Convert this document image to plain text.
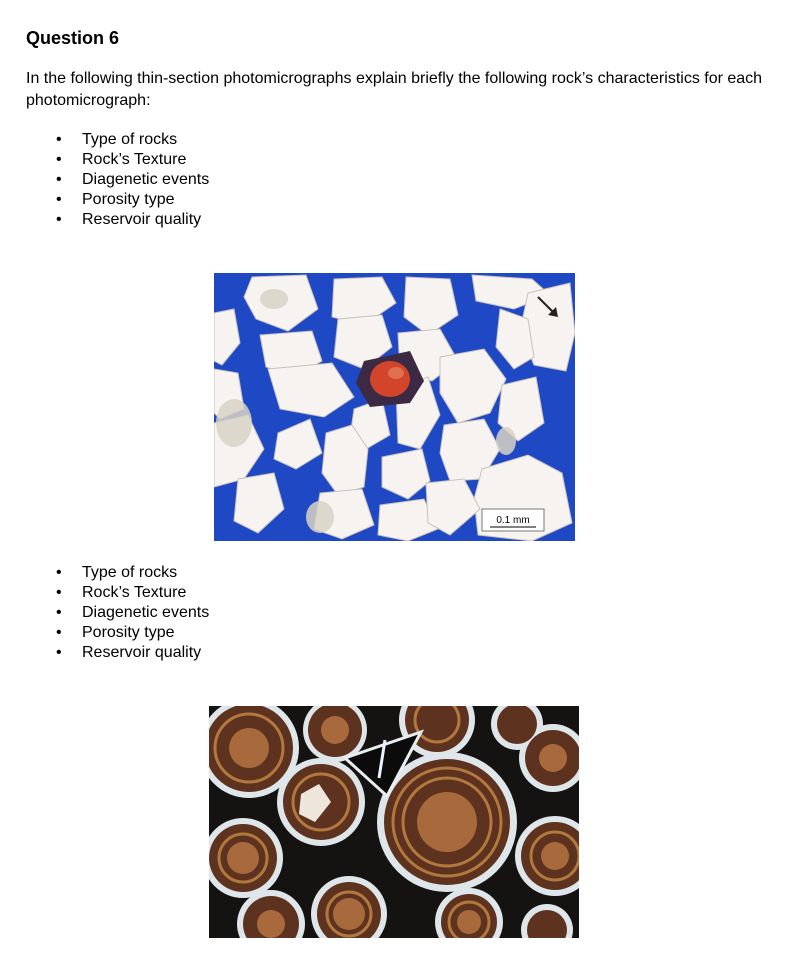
Question 6
In the following thin-section photomicrographs explain briefly the following rock’s characteristics for each photomicrograph:
• Type of rocks
• Rock’s Texture
• Diagenetic events
• Porosity type
• Reservoir quality
0.1 mm
• Type of rocks
• Rock’s Texture
• Diagenetic events
• Porosity type
• Reservoir quality
